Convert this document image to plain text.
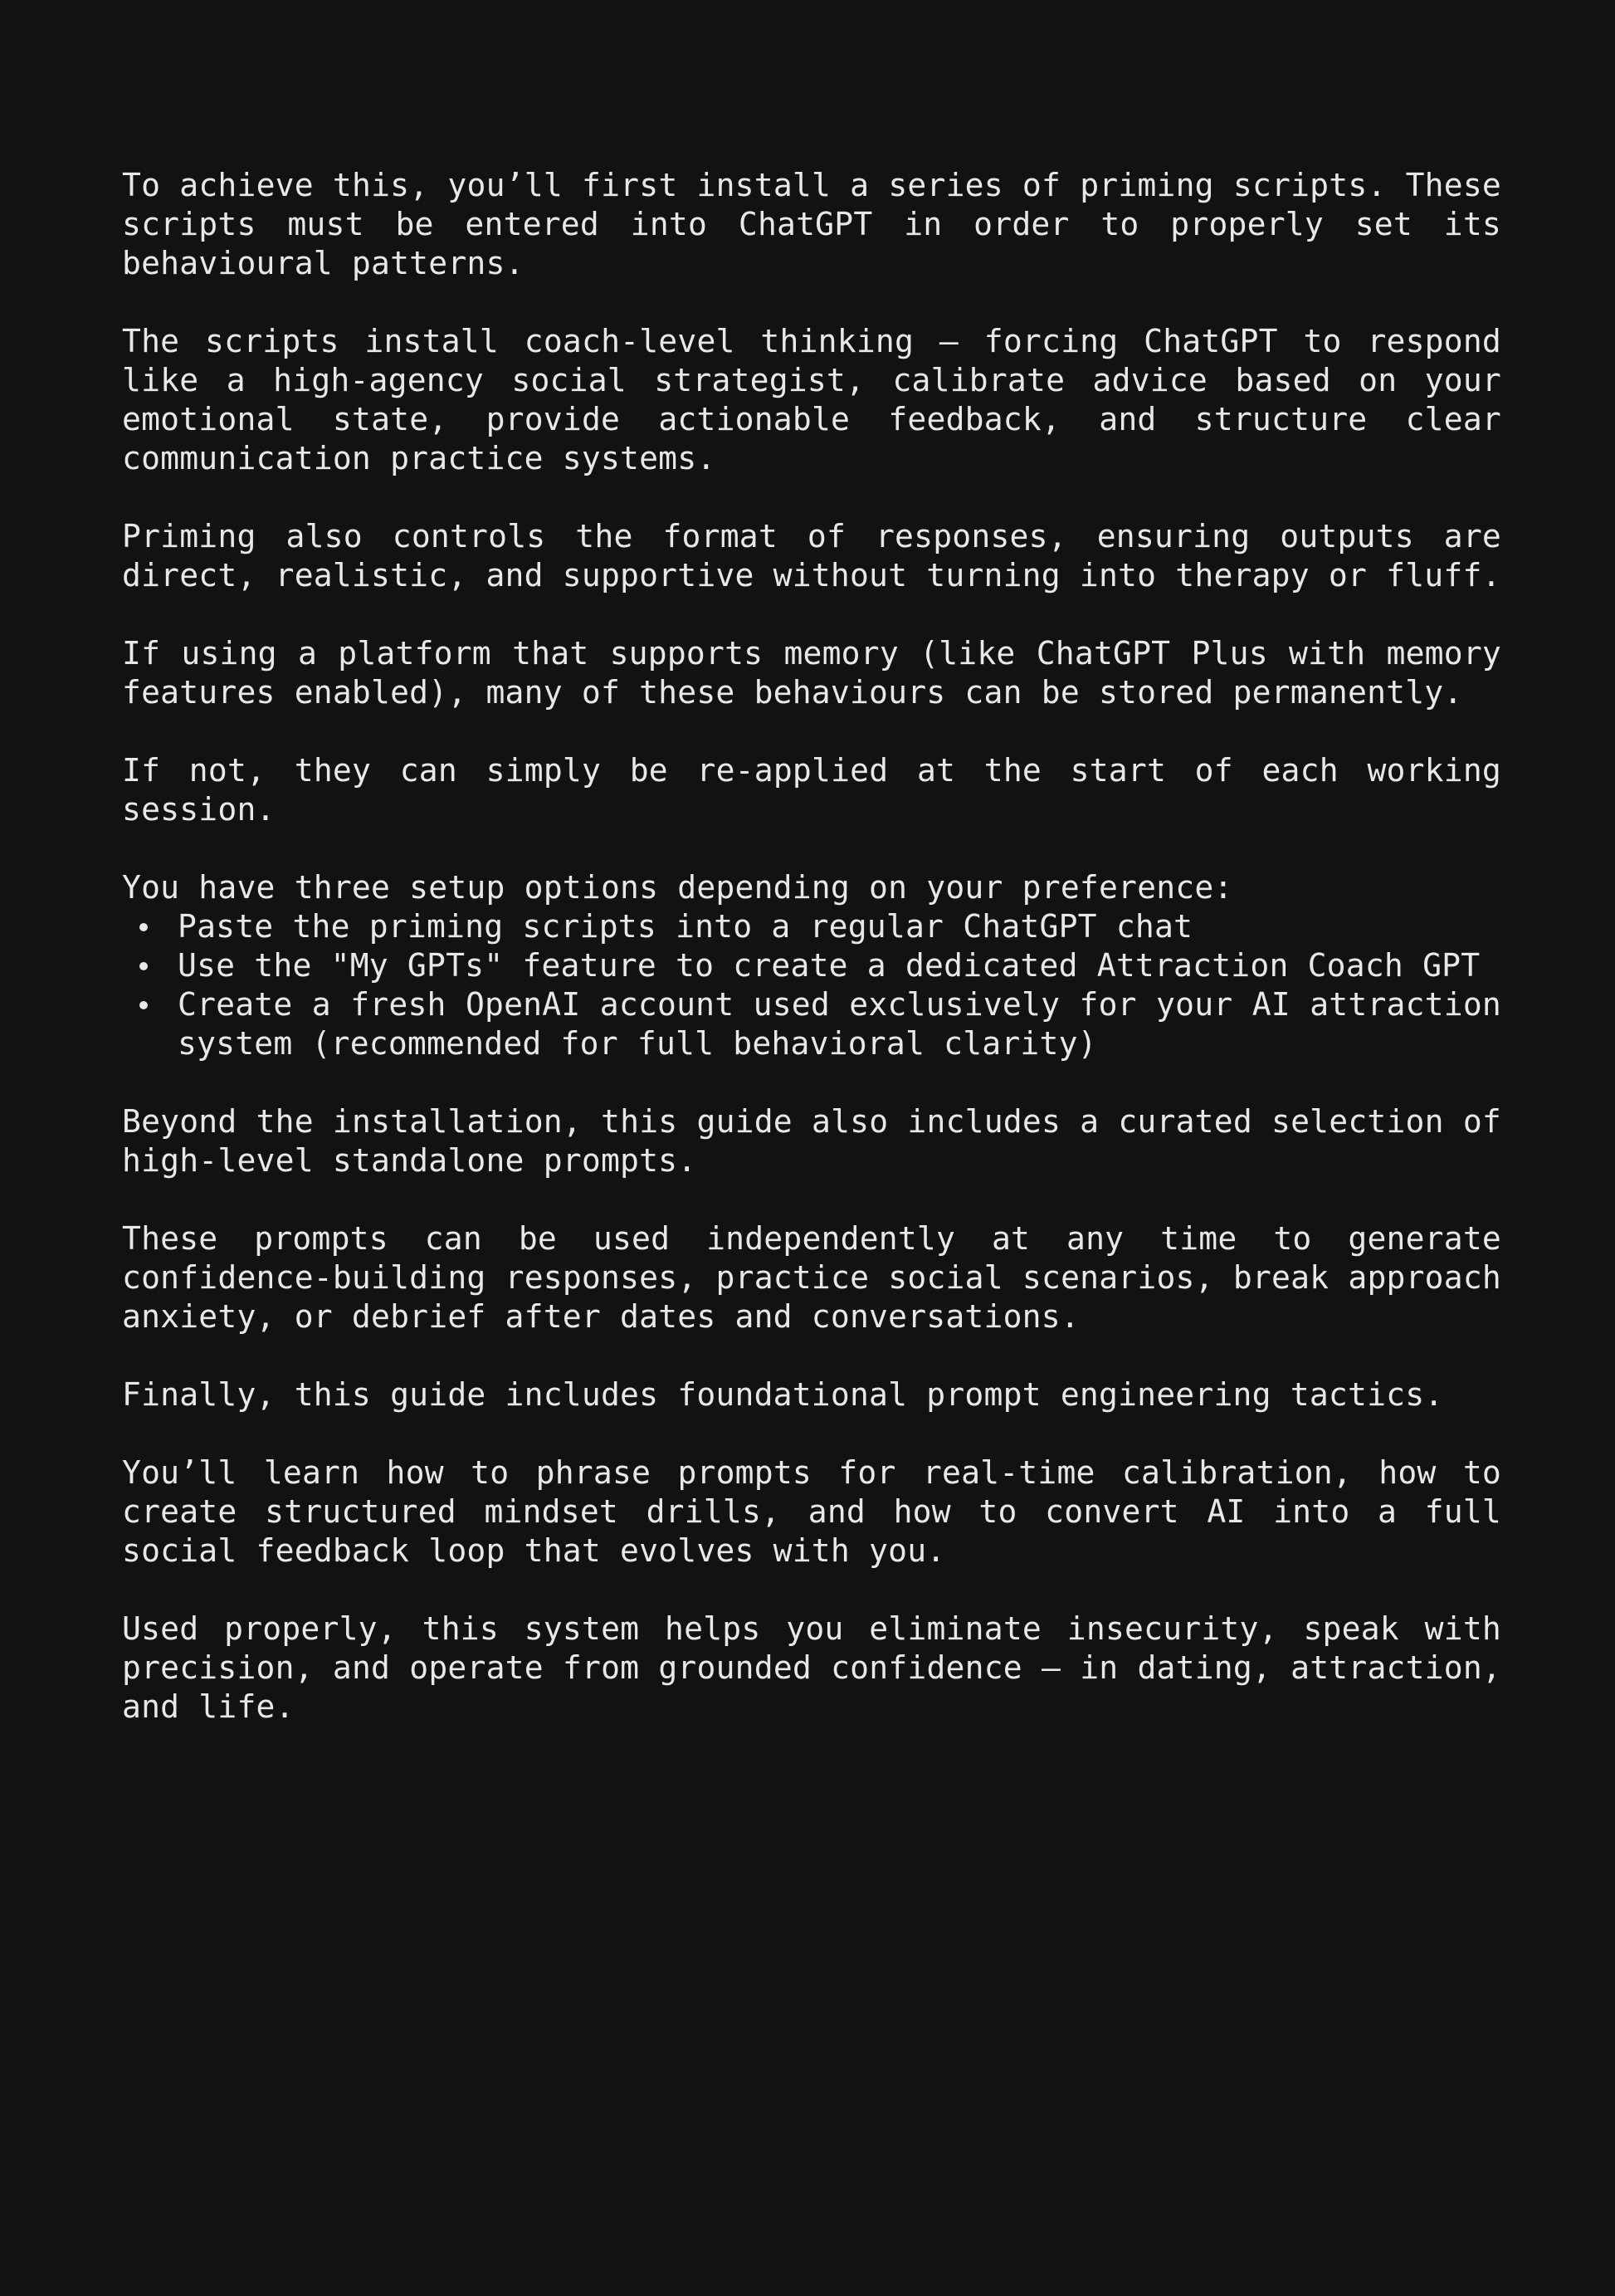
To achieve this, you’ll first install a series of priming scripts. These scripts must be entered into ChatGPT in order to properly set its behavioural patterns.

The scripts install coach-level thinking — forcing ChatGPT to respond like a high-agency social strategist, calibrate advice based on your emotional state, provide actionable feedback, and structure clear communication practice systems.

Priming also controls the format of responses, ensuring outputs are direct, realistic, and supportive without turning into therapy or fluff.

If using a platform that supports memory (like ChatGPT Plus with memory features enabled), many of these behaviours can be stored permanently.

If not, they can simply be re-applied at the start of each working session.

You have three setup options depending on your preference:

Paste the priming scripts into a regular ChatGPT chat
Use the "My GPTs" feature to create a dedicated Attraction Coach GPT
Create a fresh OpenAI account used exclusively for your AI attraction system (recommended for full behavioral clarity)

Beyond the installation, this guide also includes a curated selection of high-level standalone prompts.

These prompts can be used independently at any time to generate confidence-building responses, practice social scenarios, break approach anxiety, or debrief after dates and conversations.

Finally, this guide includes foundational prompt engineering tactics.

You’ll learn how to phrase prompts for real-time calibration, how to create structured mindset drills, and how to convert AI into a full social feedback loop that evolves with you.

Used properly, this system helps you eliminate insecurity, speak with precision, and operate from grounded confidence — in dating, attraction, and life.
